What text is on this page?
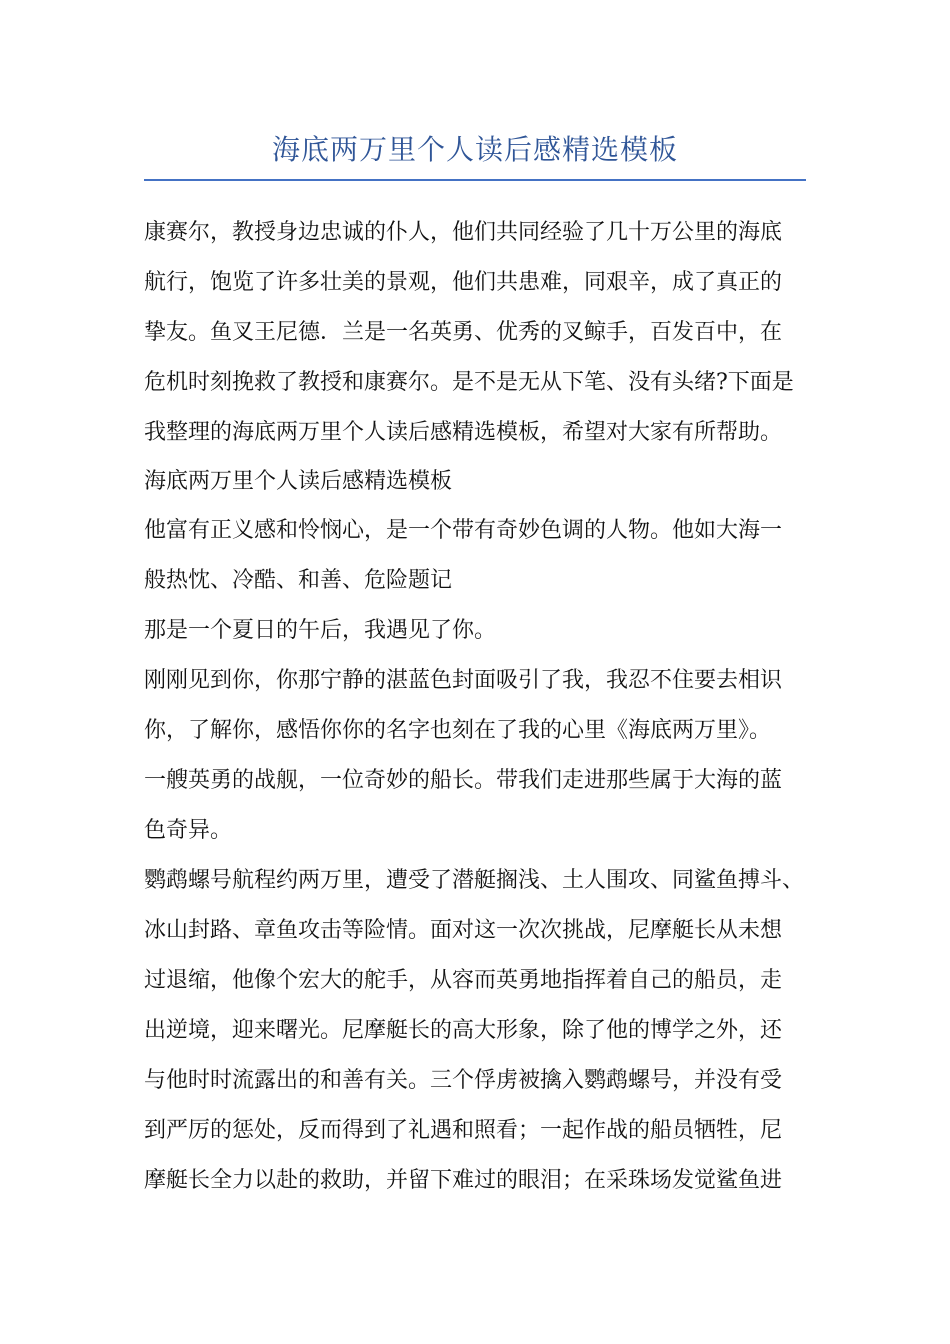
海底两万里个人读后感精选模板
康赛尔，教授身边忠诚的仆人，他们共同经验了几十万公里的海底
航行，饱览了许多壮美的景观，他们共患难，同艰辛，成了真正的
挚友。鱼叉王尼德．兰是一名英勇、优秀的叉鲸手，百发百中，在
危机时刻挽救了教授和康赛尔。是不是无从下笔、没有头绪?下面是
我整理的海底两万里个人读后感精选模板，希望对大家有所帮助。
海底两万里个人读后感精选模板
他富有正义感和怜悯心，是一个带有奇妙色调的人物。他如大海一
般热忱、冷酷、和善、危险题记
那是一个夏日的午后，我遇见了你。
刚刚见到你，你那宁静的湛蓝色封面吸引了我，我忍不住要去相识
你，了解你，感悟你你的名字也刻在了我的心里《海底两万里》。
一艘英勇的战舰，一位奇妙的船长。带我们走进那些属于大海的蓝
色奇异。
鹦鹉螺号航程约两万里，遭受了潜艇搁浅、土人围攻、同鲨鱼搏斗、
冰山封路、章鱼攻击等险情。面对这一次次挑战，尼摩艇长从未想
过退缩，他像个宏大的舵手，从容而英勇地指挥着自己的船员，走
出逆境，迎来曙光。尼摩艇长的高大形象，除了他的博学之外，还
与他时时流露出的和善有关。三个俘虏被擒入鹦鹉螺号，并没有受
到严厉的惩处，反而得到了礼遇和照看；一起作战的船员牺牲，尼
摩艇长全力以赴的救助，并留下难过的眼泪；在采珠场发觉鲨鱼进
